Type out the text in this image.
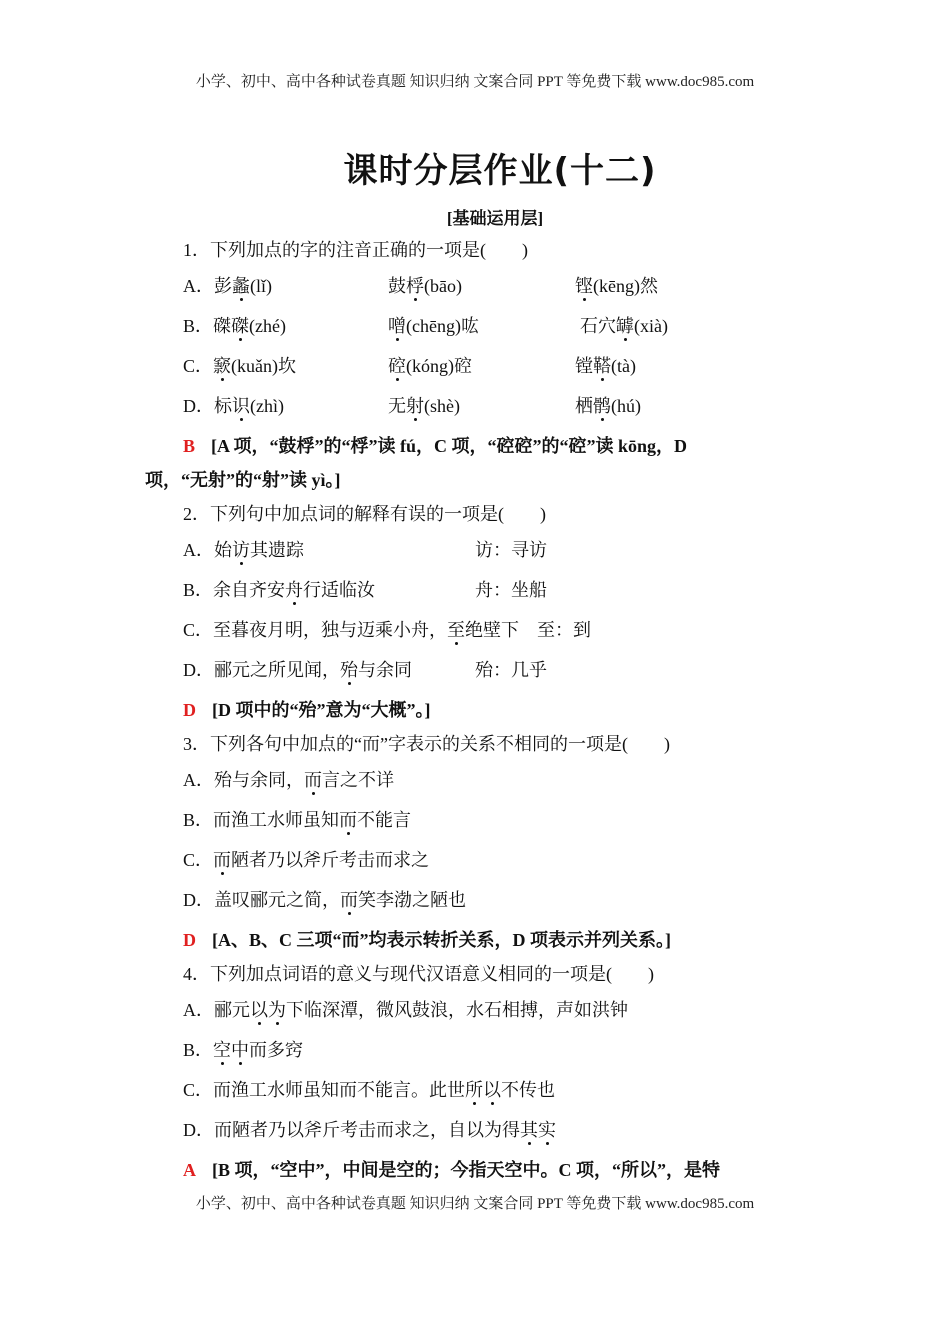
小学、初中、高中各种试卷真题 知识归纳 文案合同 PPT 等免费下载 www.doc985.com
课时分层作业(十二)
[基础运用层]
1．下列加点的字的注音正确的一项是(　　)
A．彭蠡(lǐ)	鼓桴(bāo)	铿(kēng)然
B．磔磔(zhé)	噌(chēng)吰	石穴罅(xià)
C．窾(kuǎn)坎	硿(kóng)硿	镗鞳(tà)
D．标识(zhì)	无射(shè)	栖鹘(hú)
B [A 项，“鼓桴”的“桴”读 fú，C 项，“硿硿”的“硿”读 kōng，D
项，“无射”的“射”读 yì。]
2．下列句中加点词的解释有误的一项是(　　)
A．始访其遗踪	访：寻访
B．余自齐安舟行适临汝	舟：坐船
C．至暮夜月明，独与迈乘小舟，至绝壁下　至：到
D．郦元之所见闻，殆与余同	殆：几乎
D [D 项中的“殆”意为“大概”。]
3．下列各句中加点的“而”字表示的关系不相同的一项是(　　)
A．殆与余同，而言之不详
B．而渔工水师虽知而不能言
C．而陋者乃以斧斤考击而求之
D．盖叹郦元之简，而笑李渤之陋也
D [A、B、C 三项“而”均表示转折关系，D 项表示并列关系。]
4．下列加点词语的意义与现代汉语意义相同的一项是(　　)
A．郦元以为下临深潭，微风鼓浪，水石相搏，声如洪钟
B．空中而多窍
C．而渔工水师虽知而不能言。此世所以不传也
D．而陋者乃以斧斤考击而求之，自以为得其实
A [B 项，“空中”，中间是空的；今指天空中。C 项，“所以”，是特
小学、初中、高中各种试卷真题 知识归纳 文案合同 PPT 等免费下载 www.doc985.com
